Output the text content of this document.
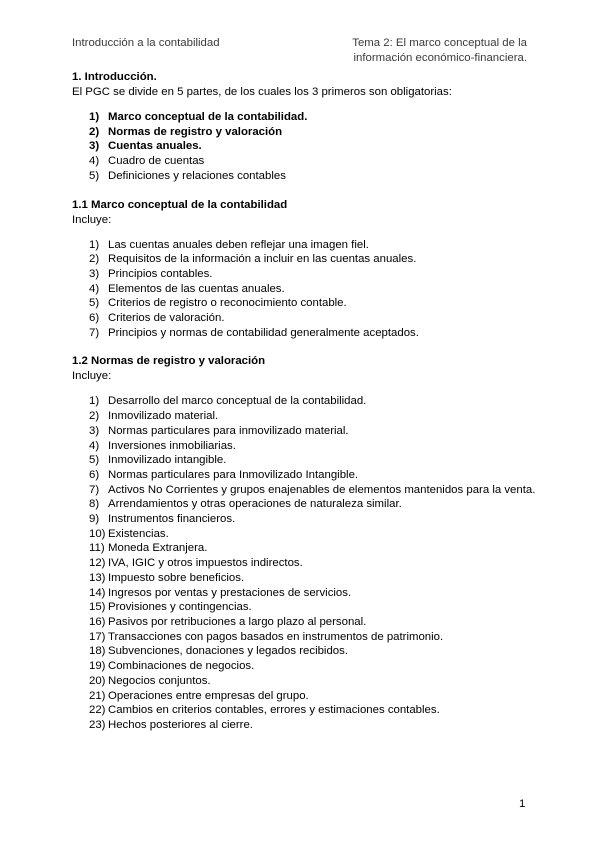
Introducción a la contabilidad	Tema 2: El marco conceptual de la
información económico-financiera.

1. Introducción.

El PGC se divide en 5 partes, de los cuales los 3 primeros son obligatorias:

1) Marco conceptual de la contabilidad.
2) Normas de registro y valoración
3) Cuentas anuales.
4) Cuadro de cuentas
5) Definiciones y relaciones contables

1.1 Marco conceptual de la contabilidad

Incluye:

1) Las cuentas anuales deben reflejar una imagen fiel.
2) Requisitos de la información a incluir en las cuentas anuales.
3) Principios contables.
4) Elementos de las cuentas anuales.
5) Criterios de registro o reconocimiento contable.
6) Criterios de valoración.
7) Principios y normas de contabilidad generalmente aceptados.

1.2 Normas de registro y valoración

Incluye:

1) Desarrollo del marco conceptual de la contabilidad.
2) Inmovilizado material.
3) Normas particulares para inmovilizado material.
4) Inversiones inmobiliarias.
5) Inmovilizado intangible.
6) Normas particulares para Inmovilizado Intangible.
7) Activos No Corrientes y grupos enajenables de elementos mantenidos para la venta.
8) Arrendamientos y otras operaciones de naturaleza similar.
9) Instrumentos financieros.
10) Existencias.
11) Moneda Extranjera.
12) IVA, IGIC y otros impuestos indirectos.
13) Impuesto sobre beneficios.
14) Ingresos por ventas y prestaciones de servicios.
15) Provisiones y contingencias.
16) Pasivos por retribuciones a largo plazo al personal.
17) Transacciones con pagos basados en instrumentos de patrimonio.
18) Subvenciones, donaciones y legados recibidos.
19) Combinaciones de negocios.
20) Negocios conjuntos.
21) Operaciones entre empresas del grupo.
22) Cambios en criterios contables, errores y estimaciones contables.
23) Hechos posteriores al cierre.
1
